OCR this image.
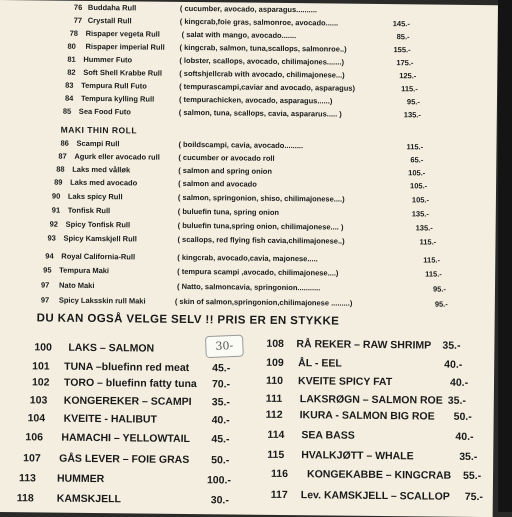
76 Buddaha Rull	( cucumber, avocado, asparagus..........
77 Crystall Rull	( kingcrab,foie gras, salmonroe, avocado......	145.-
78 Rispaper vegeta Rull	( salat with mango, avocado.......	85.-
80 Rispaper imperial Rull ( kingcrab, salmon, tuna,scallops, salmonroe..)	155.-
81 Hummer Futo	( lobster, scallops, avocado, chilimajones.......)	175.-
82 Soft Shell Krabbe Rull ( softshjellcrab with avocado, chilimajonese...)	125.-
83 Tempura Rull Futo	( tempurascampi,caviar and avocado, asparagus)	115.-
84 Tempura kylling Rull	( tempurachicken, avocado, asparagus......)	95.-
85 Sea Food Futo	( salmon, tuna, scallops, cavia, aspararus..... )	135.-
MAKI THIN ROLL
86 Scampi Rull	( boildscampi, cavia, avocado.........	115.-
87 Agurk eller avocado rull ( cucumber or avocado roll	65.-
88 Laks med vålløk	( salmon and spring onion	105.-
89 Laks med avocado	( salmon and avocado	105.-
90 Laks spicy Rull	( salmon, springonion, shiso, chilimajonese....)	105.-
91 Tonfisk Rull	( buluefin tuna, spring onion	135.-
92 Spicy Tonfisk Rull	( buluefin tuna,spring onion, chilimajonese.... )	135.-
93 Spicy Kamskjell Rull	( scallops, red flying fish cavia,chilimajonese..)	115.-
94 Royal California-Rull	( kingcrab, avocado,cavia, majonese.....	115.-
95 Tempura Maki	( tempura scampi ,avocado, chilimajonese....)	115.-
97 Nato Maki	( Natto, salmoncavia, springonion...........	95.-
97 Spicy Laksskin rull Maki	( skin of salmon,springonion,chilimajonese .........)	95.-
DU KAN OGSÅ VELGE SELV !! PRIS ER EN STYKKE
30-
100 LAKS – SALMON
101 TUNA –bluefinn red meat 45.-
102 TORO – bluefinn fatty tuna 70.-
103 KONGEREKER – SCAMPI 35.-
104 KVEITE - HALIBUT	40.-
106 HAMACHI – YELLOWTAIL 45.-
107 GÅS LEVER – FOIE GRAS 50.-
113 HUMMER	100.-
118 KAMSKJELL	30.-
108 RÅ REKER – RAW SHRIMP 35.-
109 ÅL - EEL	40.-
110 KVEITE SPICY FAT	40.-
111 LAKSRØGN – SALMON ROE 35.-
112 IKURA - SALMON BIG ROE 50.-
114 SEA BASS	40.-
115 HVALKJØTT – WHALE	35.-
116 KONGEKABBE – KINGCRAB 55.-
117 Lev. KAMSKJELL – SCALLOP 75.-
